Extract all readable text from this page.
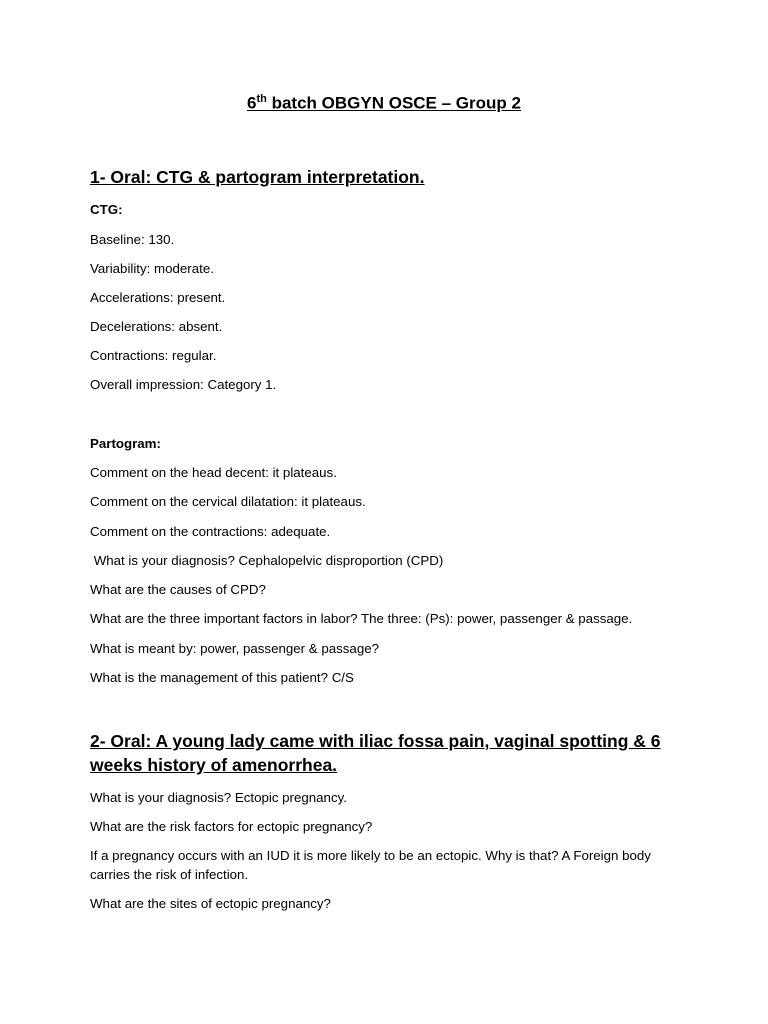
6th batch OBGYN OSCE – Group 2
1- Oral: CTG & partogram interpretation.
CTG:
Baseline: 130.
Variability: moderate.
Accelerations: present.
Decelerations: absent.
Contractions: regular.
Overall impression: Category 1.
Partogram:
Comment on the head decent: it plateaus.
Comment on the cervical dilatation: it plateaus.
Comment on the contractions: adequate.
What is your diagnosis? Cephalopelvic disproportion (CPD)
What are the causes of CPD?
What are the three important factors in labor? The three: (Ps): power, passenger & passage.
What is meant by: power, passenger & passage?
What is the management of this patient? C/S
2- Oral: A young lady came with iliac fossa pain, vaginal spotting & 6 weeks history of amenorrhea.
What is your diagnosis? Ectopic pregnancy.
What are the risk factors for ectopic pregnancy?
If a pregnancy occurs with an IUD it is more likely to be an ectopic. Why is that? A Foreign body carries the risk of infection.
What are the sites of ectopic pregnancy?
